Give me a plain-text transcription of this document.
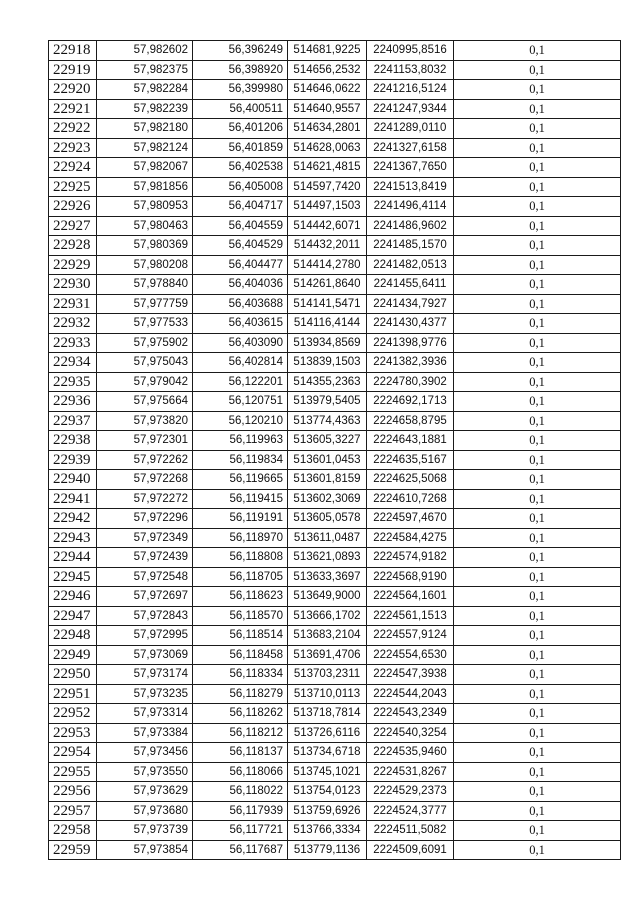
22918	57,982602	56,396249	514681,9225	2240995,8516	0,1
22919	57,982375	56,398920	514656,2532	2241153,8032	0,1
22920	57,982284	56,399980	514646,0622	2241216,5124	0,1
22921	57,982239	56,400511	514640,9557	2241247,9344	0,1
22922	57,982180	56,401206	514634,2801	2241289,0110	0,1
22923	57,982124	56,401859	514628,0063	2241327,6158	0,1
22924	57,982067	56,402538	514621,4815	2241367,7650	0,1
22925	57,981856	56,405008	514597,7420	2241513,8419	0,1
22926	57,980953	56,404717	514497,1503	2241496,4114	0,1
22927	57,980463	56,404559	514442,6071	2241486,9602	0,1
22928	57,980369	56,404529	514432,2011	2241485,1570	0,1
22929	57,980208	56,404477	514414,2780	2241482,0513	0,1
22930	57,978840	56,404036	514261,8640	2241455,6411	0,1
22931	57,977759	56,403688	514141,5471	2241434,7927	0,1
22932	57,977533	56,403615	514116,4144	2241430,4377	0,1
22933	57,975902	56,403090	513934,8569	2241398,9776	0,1
22934	57,975043	56,402814	513839,1503	2241382,3936	0,1
22935	57,979042	56,122201	514355,2363	2224780,3902	0,1
22936	57,975664	56,120751	513979,5405	2224692,1713	0,1
22937	57,973820	56,120210	513774,4363	2224658,8795	0,1
22938	57,972301	56,119963	513605,3227	2224643,1881	0,1
22939	57,972262	56,119834	513601,0453	2224635,5167	0,1
22940	57,972268	56,119665	513601,8159	2224625,5068	0,1
22941	57,972272	56,119415	513602,3069	2224610,7268	0,1
22942	57,972296	56,119191	513605,0578	2224597,4670	0,1
22943	57,972349	56,118970	513611,0487	2224584,4275	0,1
22944	57,972439	56,118808	513621,0893	2224574,9182	0,1
22945	57,972548	56,118705	513633,3697	2224568,9190	0,1
22946	57,972697	56,118623	513649,9000	2224564,1601	0,1
22947	57,972843	56,118570	513666,1702	2224561,1513	0,1
22948	57,972995	56,118514	513683,2104	2224557,9124	0,1
22949	57,973069	56,118458	513691,4706	2224554,6530	0,1
22950	57,973174	56,118334	513703,2311	2224547,3938	0,1
22951	57,973235	56,118279	513710,0113	2224544,2043	0,1
22952	57,973314	56,118262	513718,7814	2224543,2349	0,1
22953	57,973384	56,118212	513726,6116	2224540,3254	0,1
22954	57,973456	56,118137	513734,6718	2224535,9460	0,1
22955	57,973550	56,118066	513745,1021	2224531,8267	0,1
22956	57,973629	56,118022	513754,0123	2224529,2373	0,1
22957	57,973680	56,117939	513759,6926	2224524,3777	0,1
22958	57,973739	56,117721	513766,3334	2224511,5082	0,1
22959	57,973854	56,117687	513779,1136	2224509,6091	0,1
